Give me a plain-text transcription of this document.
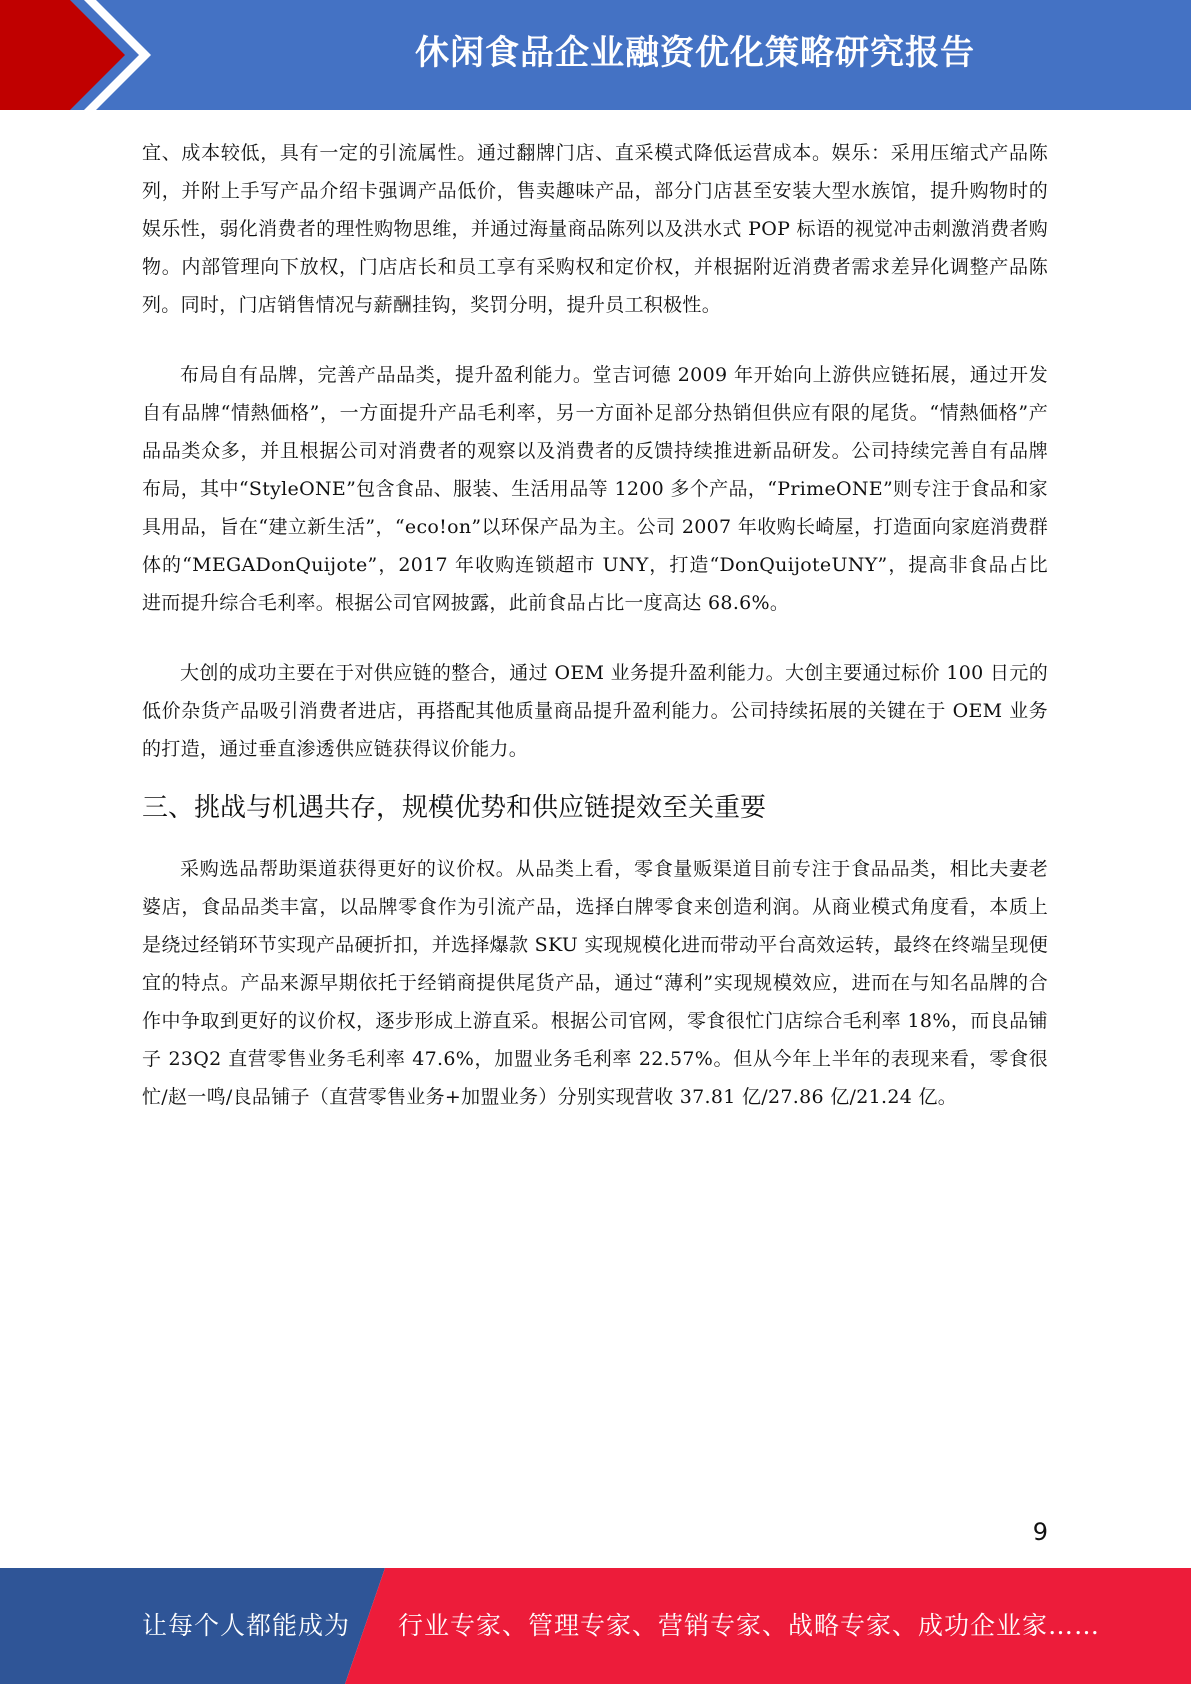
休闲食品企业融资优化策略研究报告

宜、成本较低，具有一定的引流属性。通过翻牌门店、直采模式降低运营成本。娱乐：采用压缩式产品陈列，并附上手写产品介绍卡强调产品低价，售卖趣味产品，部分门店甚至安装大型水族馆，提升购物时的娱乐性，弱化消费者的理性购物思维，并通过海量商品陈列以及洪水式 POP 标语的视觉冲击刺激消费者购物。内部管理向下放权，门店店长和员工享有采购权和定价权，并根据附近消费者需求差异化调整产品陈列。同时，门店销售情况与薪酬挂钩，奖罚分明，提升员工积极性。

布局自有品牌，完善产品品类，提升盈利能力。堂吉诃德 2009 年开始向上游供应链拓展，通过开发自有品牌“情熱価格”，一方面提升产品毛利率，另一方面补足部分热销但供应有限的尾货。“情熱価格”产品品类众多，并且根据公司对消费者的观察以及消费者的反馈持续推进新品研发。公司持续完善自有品牌布局，其中“StyleONE”包含食品、服装、生活用品等 1200 多个产品，“PrimeONE”则专注于食品和家具用品，旨在“建立新生活”，“eco!on”以环保产品为主。公司 2007 年收购长崎屋，打造面向家庭消费群体的“MEGADonQuijote”，2017 年收购连锁超市 UNY，打造“DonQuijoteUNY”，提高非食品占比进而提升综合毛利率。根据公司官网披露，此前食品占比一度高达 68.6%。

大创的成功主要在于对供应链的整合，通过 OEM 业务提升盈利能力。大创主要通过标价 100 日元的低价杂货产品吸引消费者进店，再搭配其他质量商品提升盈利能力。公司持续拓展的关键在于 OEM 业务的打造，通过垂直渗透供应链获得议价能力。

三、挑战与机遇共存，规模优势和供应链提效至关重要

采购选品帮助渠道获得更好的议价权。从品类上看，零食量贩渠道目前专注于食品品类，相比夫妻老婆店，食品品类丰富，以品牌零食作为引流产品，选择白牌零食来创造利润。从商业模式角度看，本质上是绕过经销环节实现产品硬折扣，并选择爆款 SKU 实现规模化进而带动平台高效运转，最终在终端呈现便宜的特点。产品来源早期依托于经销商提供尾货产品，通过“薄利”实现规模效应，进而在与知名品牌的合作中争取到更好的议价权，逐步形成上游直采。根据公司官网，零食很忙门店综合毛利率 18%，而良品铺子 23Q2 直营零售业务毛利率 47.6%，加盟业务毛利率 22.57%。但从今年上半年的表现来看，零食很忙/赵一鸣/良品铺子（直营零售业务+加盟业务）分别实现营收 37.81 亿/27.86 亿/21.24 亿。

9
让每个人都能成为 行业专家、管理专家、营销专家、战略专家、成功企业家……
